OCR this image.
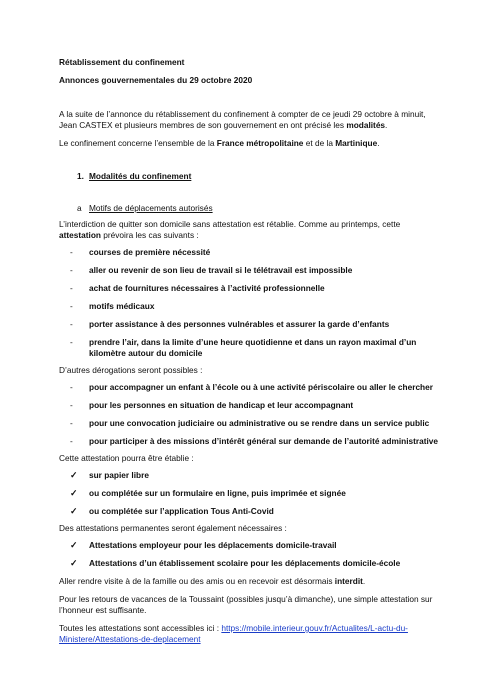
Rétablissement du confinement
Annonces gouvernementales du 29 octobre 2020
A la suite de l’annonce du rétablissement du confinement à compter de ce jeudi 29 octobre à minuit,
Jean CASTEX et plusieurs membres de son gouvernement en ont précisé les modalités.
Le confinement concerne l’ensemble de la France métropolitaine et de la Martinique.
1. Modalités du confinement
a Motifs de déplacements autorisés
L’interdiction de quitter son domicile sans attestation est rétablie. Comme au printemps, cette
attestation prévoira les cas suivants :
- courses de première nécessité
- aller ou revenir de son lieu de travail si le télétravail est impossible
- achat de fournitures nécessaires à l’activité professionnelle
- motifs médicaux
- porter assistance à des personnes vulnérables et assurer la garde d’enfants
- prendre l’air, dans la limite d’une heure quotidienne et dans un rayon maximal d’un
kilomètre autour du domicile
D’autres dérogations seront possibles :
- pour accompagner un enfant à l’école ou à une activité périscolaire ou aller le chercher
- pour les personnes en situation de handicap et leur accompagnant
- pour une convocation judiciaire ou administrative ou se rendre dans un service public
- pour participer à des missions d’intérêt général sur demande de l’autorité administrative
Cette attestation pourra être établie :
✓ sur papier libre
✓ ou complétée sur un formulaire en ligne, puis imprimée et signée
✓ ou complétée sur l’application Tous Anti-Covid
Des attestations permanentes seront également nécessaires :
✓ Attestations employeur pour les déplacements domicile-travail
✓ Attestations d’un établissement scolaire pour les déplacements domicile-école
Aller rendre visite à de la famille ou des amis ou en recevoir est désormais interdit.
Pour les retours de vacances de la Toussaint (possibles jusqu’à dimanche), une simple attestation sur
l’honneur est suffisante.
Toutes les attestations sont accessibles ici : https://mobile.interieur.gouv.fr/Actualites/L-actu-du-
Ministere/Attestations-de-deplacement
